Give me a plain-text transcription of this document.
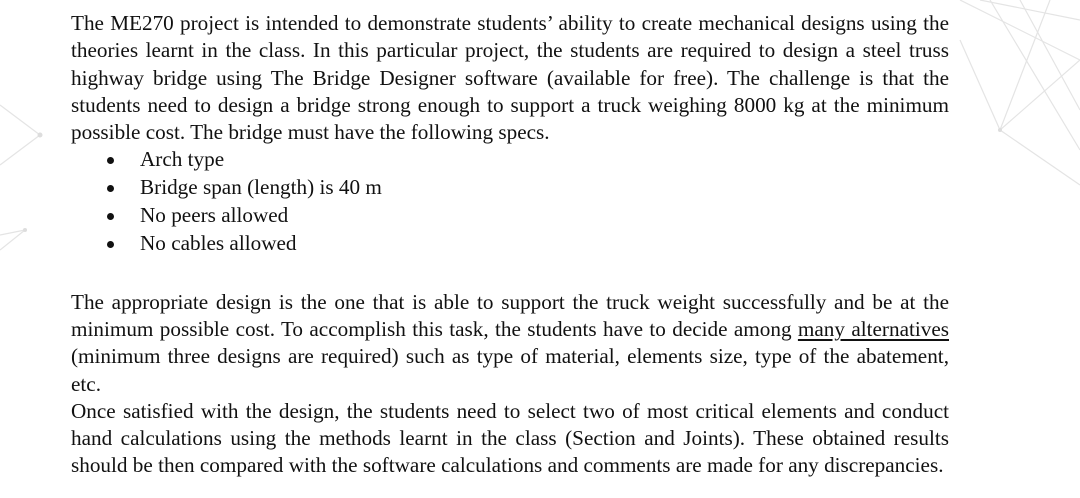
The ME270 project is intended to demonstrate students’ ability to create mechanical designs using the theories learnt in the class. In this particular project, the students are required to design a steel truss highway bridge using The Bridge Designer software (available for free). The challenge is that the students need to design a bridge strong enough to support a truck weighing 8000 kg at the minimum possible cost. The bridge must have the following specs.

Arch type
Bridge span (length) is 40 m
No peers allowed
No cables allowed

The appropriate design is the one that is able to support the truck weight successfully and be at the minimum possible cost. To accomplish this task, the students have to decide among many alternatives (minimum three designs are required) such as type of material, elements size, type of the abatement, etc.

Once satisfied with the design, the students need to select two of most critical elements and conduct hand calculations using the methods learnt in the class (Section and Joints). These obtained results should be then compared with the software calculations and comments are made for any discrepancies.
